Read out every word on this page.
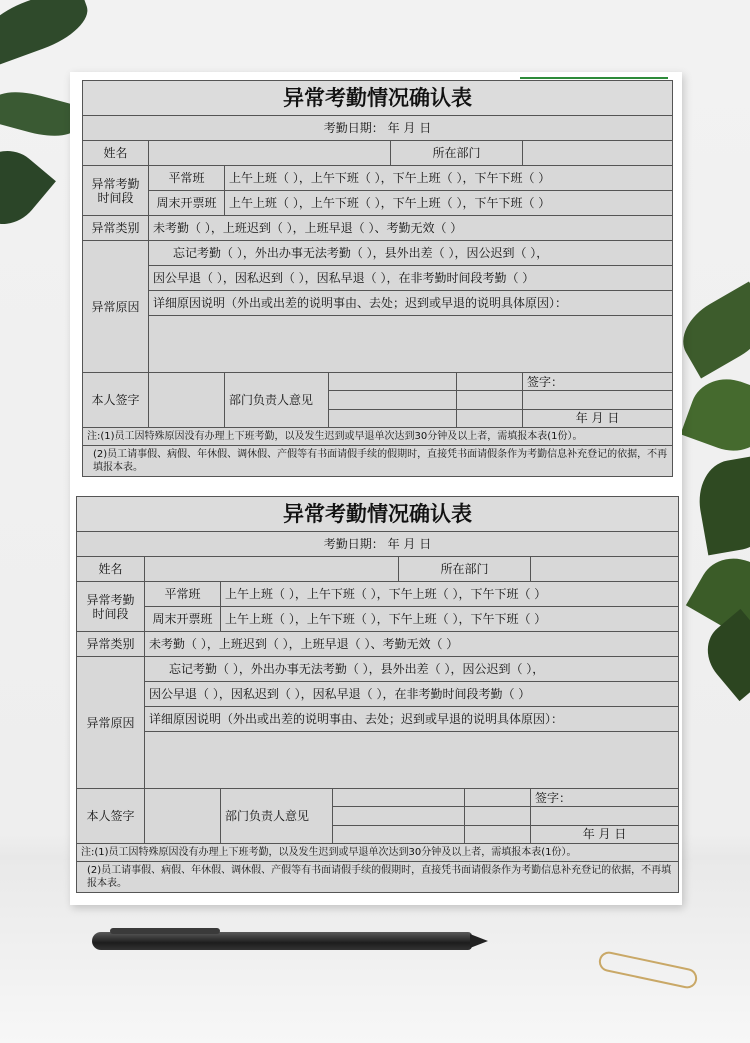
异常考勤情况确认表						
考勤日期： 年 月 日						
姓名				所在部门		
异常考勤时间段	平常班	上午上班（ ），上午下班（ ），下午上班（ ），下午下班（ ）				
	周末开票班	上午上班（ ），上午下班（ ），下午上班（ ），下午下班（ ）				
异常类别	未考勤（ ），上班迟到（ ），上班早退（ ）、考勤无效（ ）					
异常原因	忘记考勤（ ），外出办事无法考勤（ ），县外出差（ ），因公迟到（ ），					
	因公早退（ ），因私迟到（ ），因私早退（ ），在非考勤时间段考勤（ ）					
	详细原因说明（外出或出差的说明事由、去处；迟到或早退的说明具体原因）：					

本人签字		部门负责人意见				签字：

						年 月 日
注:(1)员工因特殊原因没有办理上下班考勤，以及发生迟到或早退单次达到30分钟及以上者，需填报本表(1份）。						
(2)员工请事假、病假、年休假、调休假、产假等有书面请假手续的假期时，直接凭书面请假条作为考勤信息补充登记的依据，不再填报本表。						
异常考勤情况确认表						
考勤日期： 年 月 日						
姓名				所在部门		
异常考勤时间段	平常班	上午上班（ ），上午下班（ ），下午上班（ ），下午下班（ ）				
	周末开票班	上午上班（ ），上午下班（ ），下午上班（ ），下午下班（ ）				
异常类别	未考勤（ ），上班迟到（ ），上班早退（ ）、考勤无效（ ）					
异常原因	忘记考勤（ ），外出办事无法考勤（ ），县外出差（ ），因公迟到（ ），					
	因公早退（ ），因私迟到（ ），因私早退（ ），在非考勤时间段考勤（ ）					
	详细原因说明（外出或出差的说明事由、去处；迟到或早退的说明具体原因）：					

本人签字		部门负责人意见				签字：

						年 月 日
注:(1)员工因特殊原因没有办理上下班考勤，以及发生迟到或早退单次达到30分钟及以上者，需填报本表(1份）。						
(2)员工请事假、病假、年休假、调休假、产假等有书面请假手续的假期时，直接凭书面请假条作为考勤信息补充登记的依据，不再填报本表。						
